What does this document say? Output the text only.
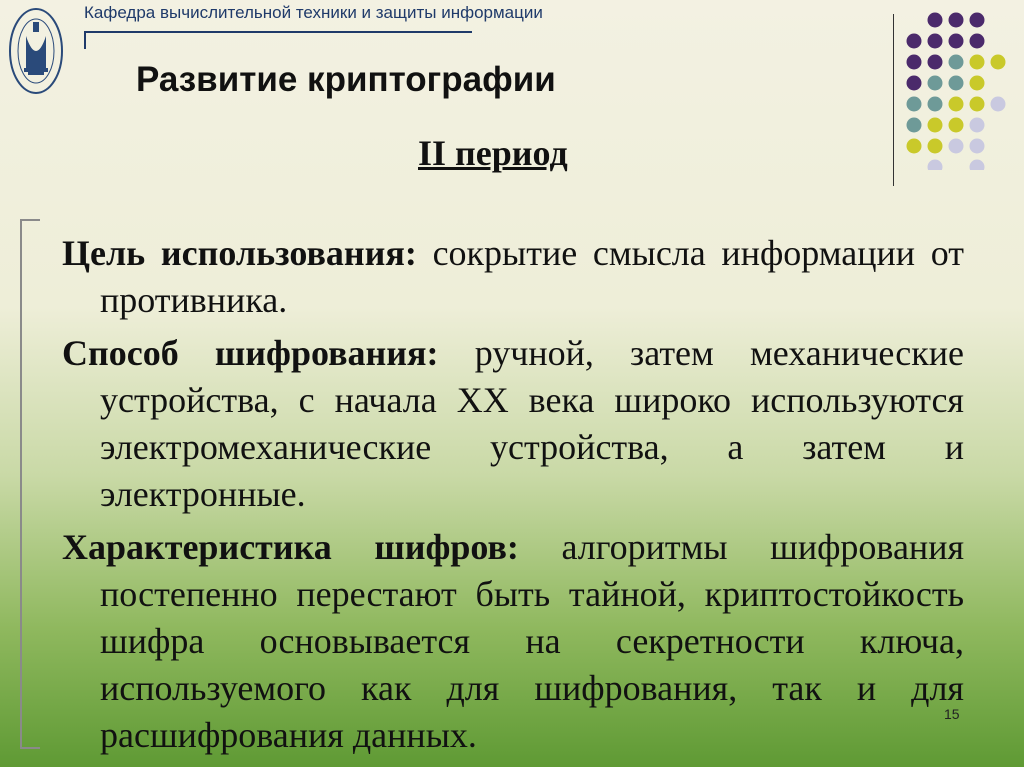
Кафедра вычислительной техники и защиты информации
Развитие криптографии
II период

Цель использования: сокрытие смысла информации от противника.

Способ шифрования: ручной, затем механические устройства, с начала XX века широко используются электромеханические устройства, а затем и электронные.

Характеристика шифров: алгоритмы шифрования постепенно перестают быть тайной, криптостойкость шифра основывается на секретности ключа, используемого как для шифрования, так и для расшифрования данных.

15
